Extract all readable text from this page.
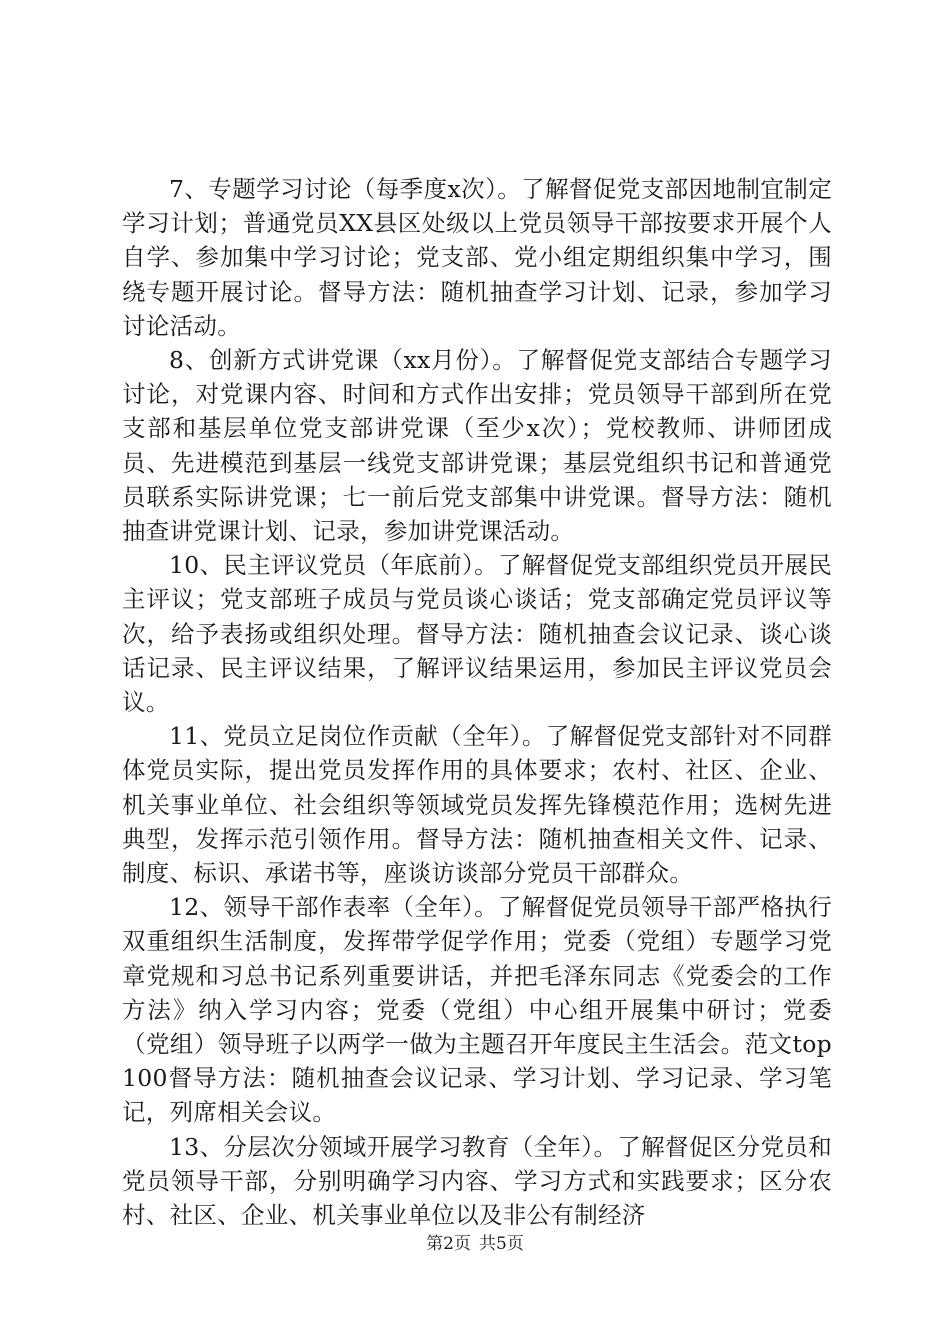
7、专题学习讨论（每季度x次）。了解督促党支部因地制宜制定学习计划；普通党员XX县区处级以上党员领导干部按要求开展个人自学、参加集中学习讨论；党支部、党小组定期组织集中学习，围绕专题开展讨论。督导方法：随机抽查学习计划、记录，参加学习讨论活动。

8、创新方式讲党课（xx月份）。了解督促党支部结合专题学习讨论，对党课内容、时间和方式作出安排；党员领导干部到所在党支部和基层单位党支部讲党课（至少x次）；党校教师、讲师团成员、先进模范到基层一线党支部讲党课；基层党组织书记和普通党员联系实际讲党课；七一前后党支部集中讲党课。督导方法：随机抽查讲党课计划、记录，参加讲党课活动。

10、民主评议党员（年底前）。了解督促党支部组织党员开展民主评议；党支部班子成员与党员谈心谈话；党支部确定党员评议等次，给予表扬或组织处理。督导方法：随机抽查会议记录、谈心谈话记录、民主评议结果，了解评议结果运用，参加民主评议党员会议。

11、党员立足岗位作贡献（全年）。了解督促党支部针对不同群体党员实际，提出党员发挥作用的具体要求；农村、社区、企业、机关事业单位、社会组织等领域党员发挥先锋模范作用；选树先进典型，发挥示范引领作用。督导方法：随机抽查相关文件、记录、制度、标识、承诺书等，座谈访谈部分党员干部群众。

12、领导干部作表率（全年）。了解督促党员领导干部严格执行双重组织生活制度，发挥带学促学作用；党委（党组）专题学习党章党规和习总书记系列重要讲话，并把毛泽东同志《党委会的工作方法》纳入学习内容；党委（党组）中心组开展集中研讨；党委（党组）领导班子以两学一做为主题召开年度民主生活会。范文top100督导方法：随机抽查会议记录、学习计划、学习记录、学习笔记，列席相关会议。

13、分层次分领域开展学习教育（全年）。了解督促区分党员和党员领导干部，分别明确学习内容、学习方式和实践要求；区分农村、社区、企业、机关事业单位以及非公有制经济

第2页 共5页
